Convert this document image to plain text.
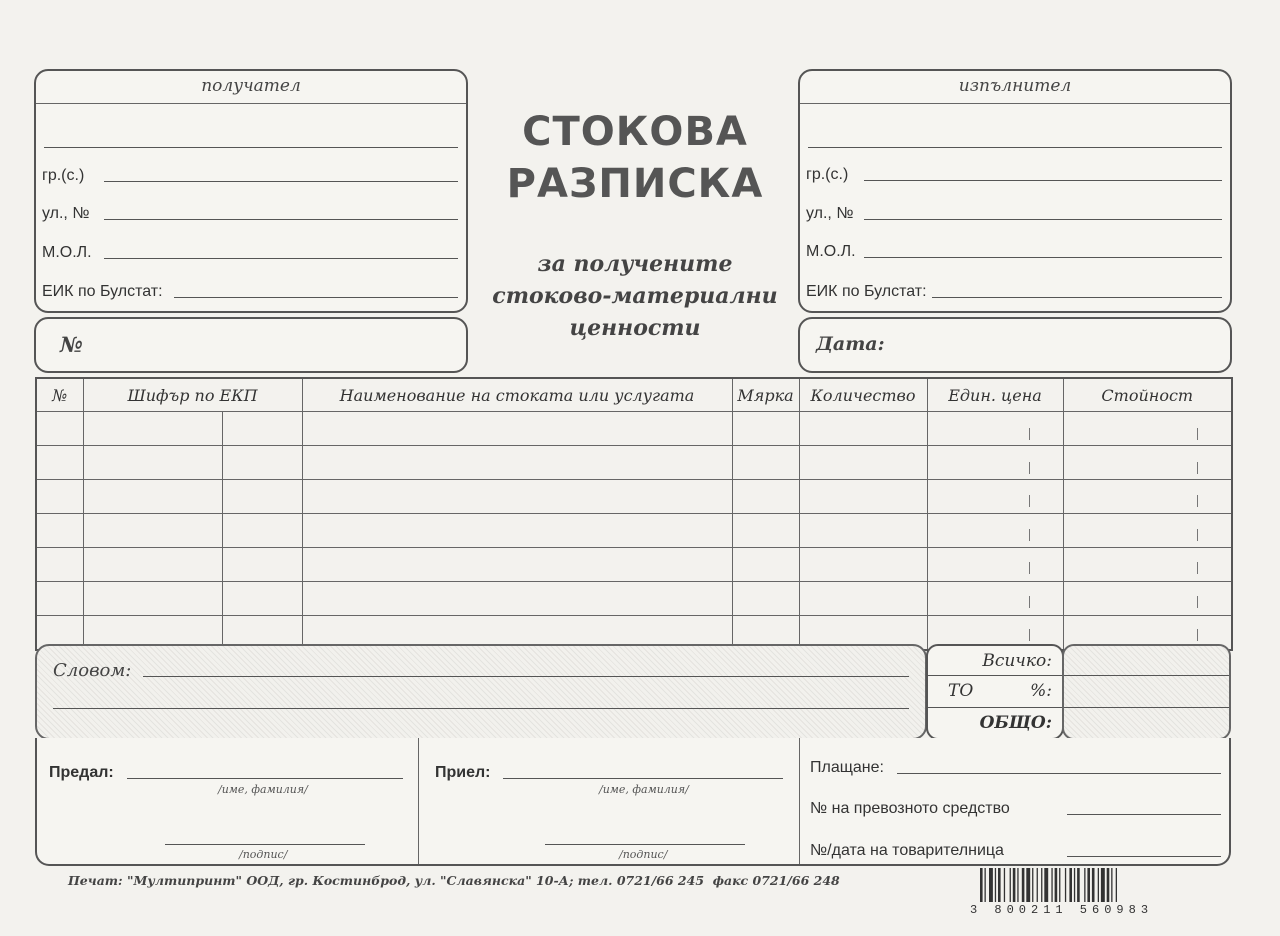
получател
гр.(с.)
ул., №
М.О.Л.
ЕИК по Булстат:
изпълнител
гр.(с.)
ул., №
М.О.Л.
ЕИК по Булстат:
СТОКОВА
РАЗПИСКА
за получените
стоково-материални
ценности
№	Дата:
№	Шифър по ЕКП		Наименование на стоката или услугата	Мярка	Количество	Един. цена	Стойност

Словом:	Всичко:
ТО	%:
ОБЩО:
Предал:
/име, фамилия/
/подпис/
Приел:
/име, фамилия/
/подпис/
Плащане:
№ на превозното средство
№/дата на товарителница
Печат: "Мултипринт" ООД, гр. Костинброд, ул. "Славянска" 10-А; тел. 0721/66 245  факс 0721/66 248
3 800211 560983
